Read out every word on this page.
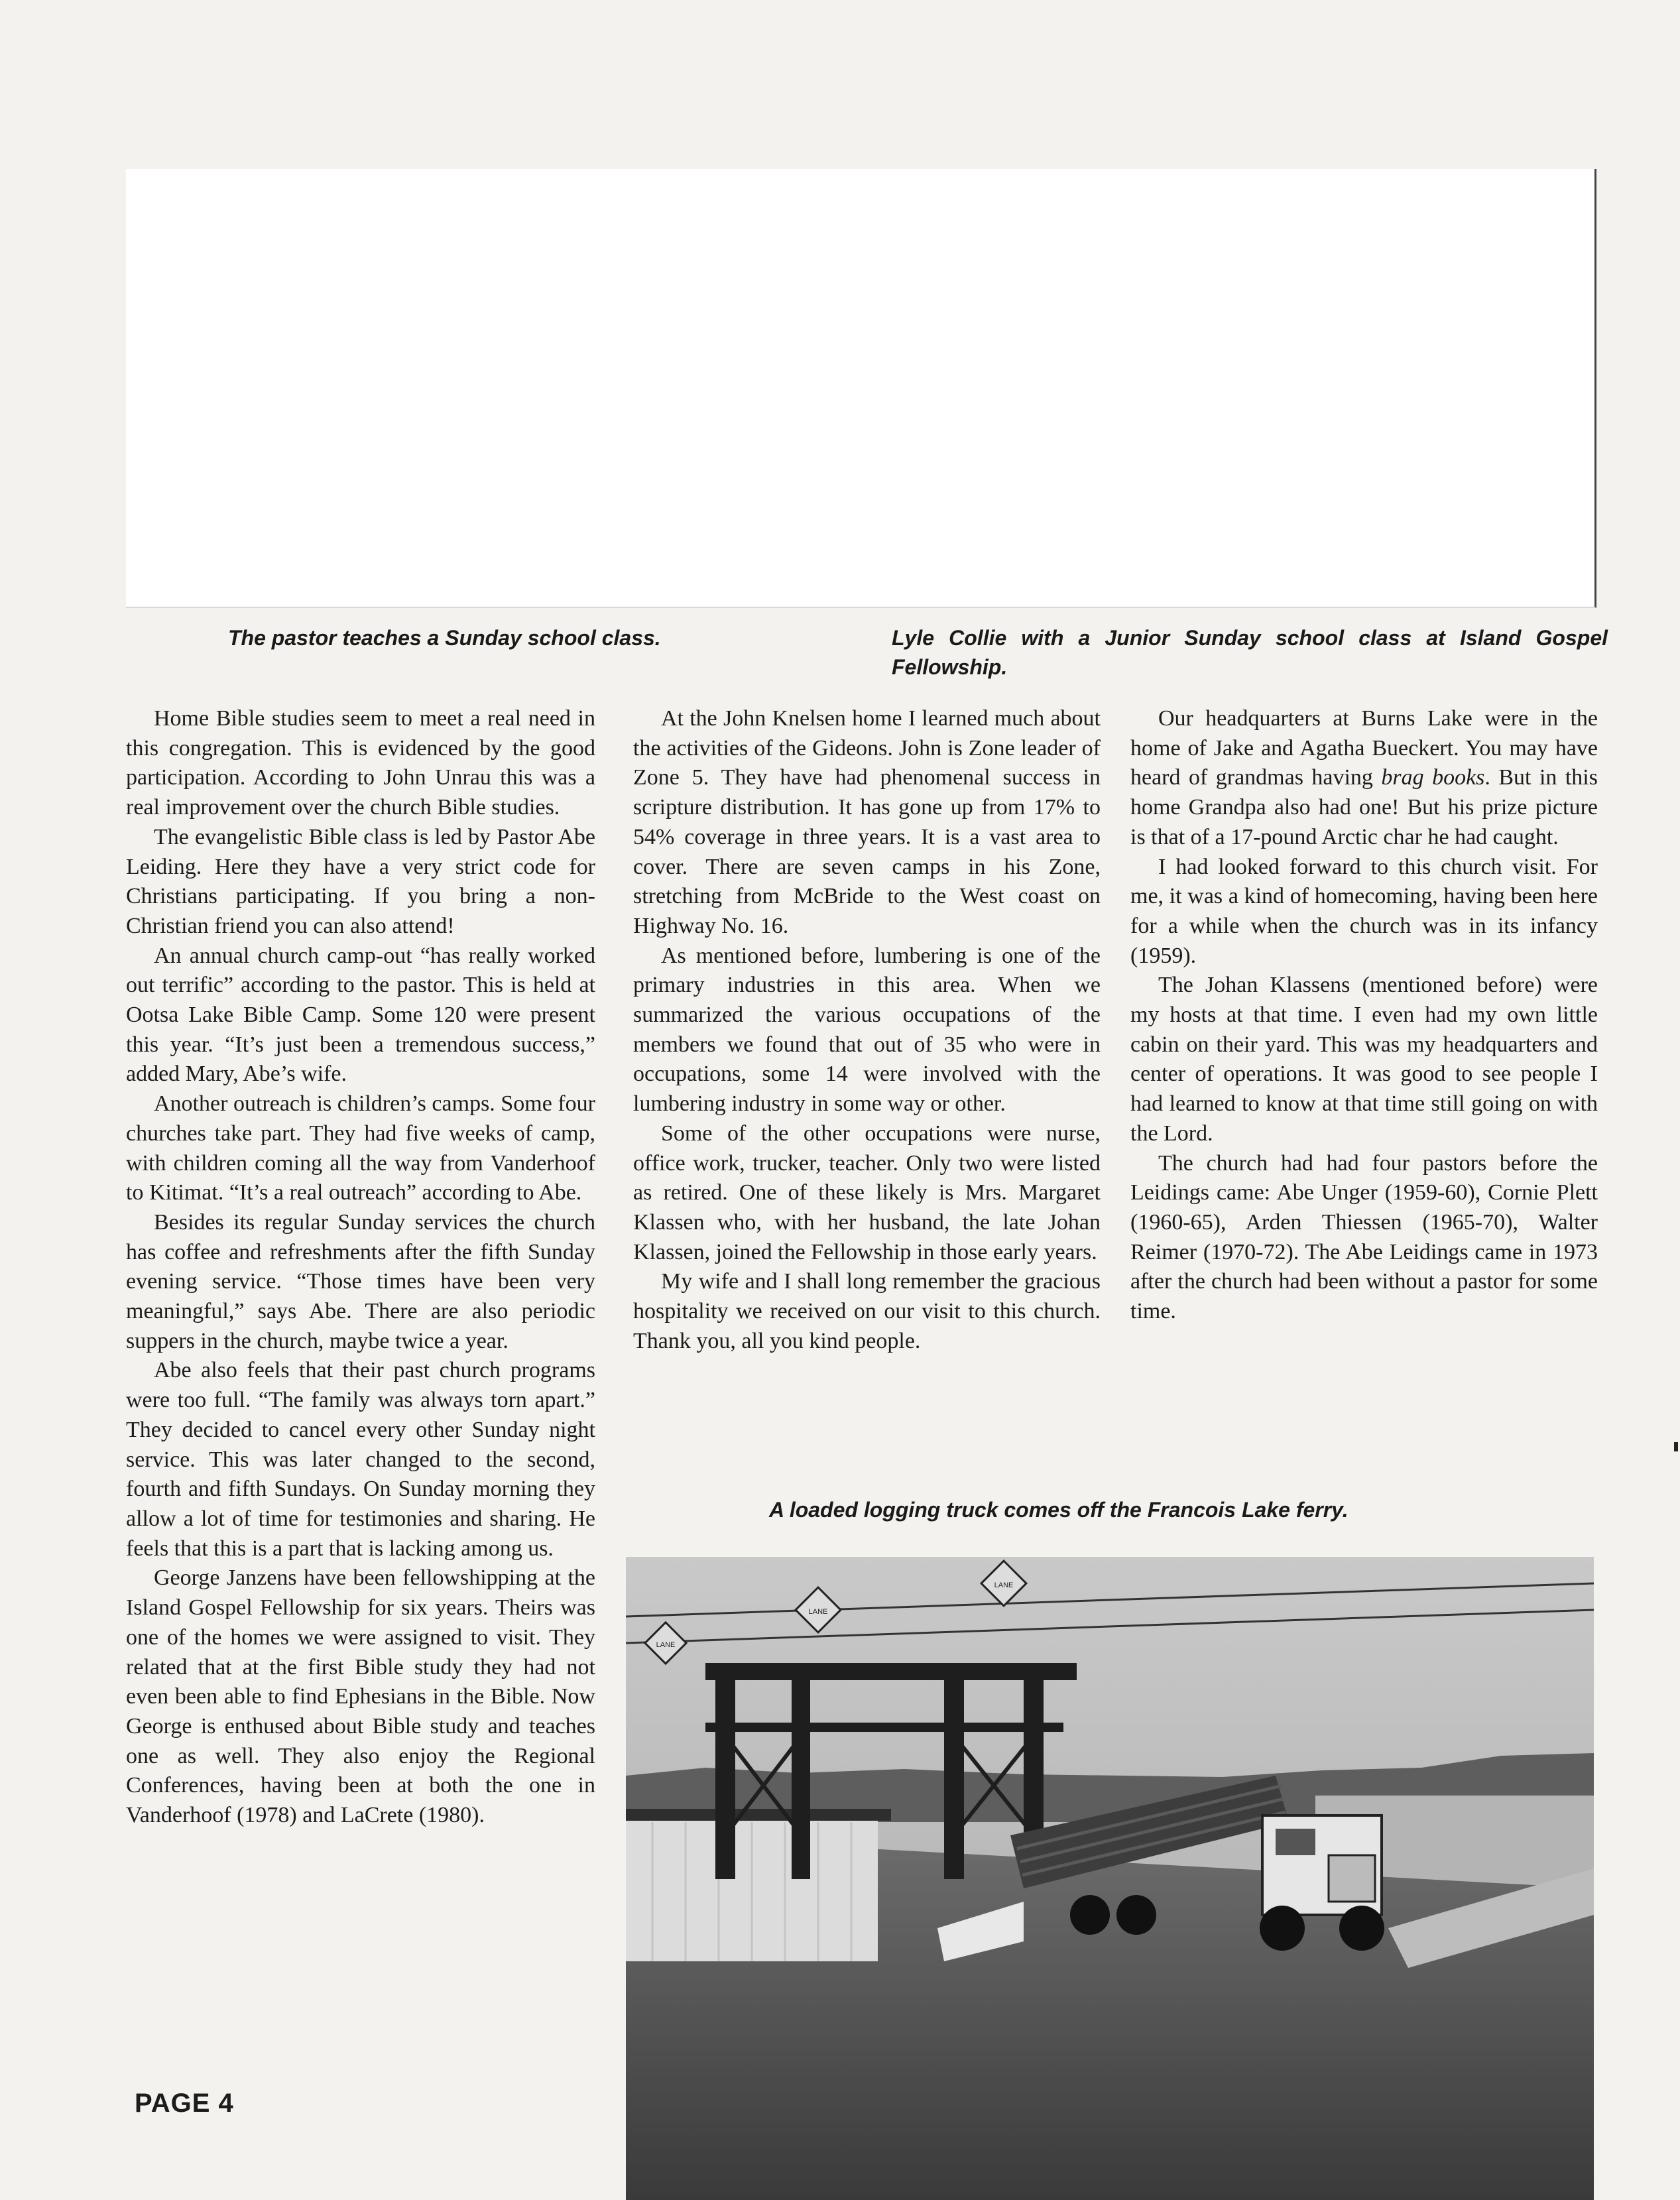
The pastor teaches a Sunday school class.	Lyle Collie with a Junior Sunday school class at Island Gospel Fellowship.

Home Bible studies seem to meet a real need in this congregation. This is evidenced by the good participation. According to John Unrau this was a real improvement over the church Bible studies.

The evangelistic Bible class is led by Pastor Abe Leiding. Here they have a very strict code for Christians participating. If you bring a non-Christian friend you can also attend!

An annual church camp-out “has really worked out terrific” according to the pastor. This is held at Ootsa Lake Bible Camp. Some 120 were present this year. “It’s just been a tremendous success,” added Mary, Abe’s wife.

Another outreach is children’s camps. Some four churches take part. They had five weeks of camp, with children coming all the way from Vanderhoof to Kitimat. “It’s a real outreach” according to Abe.

Besides its regular Sunday services the church has coffee and refreshments after the fifth Sunday evening service. “Those times have been very meaningful,” says Abe. There are also periodic suppers in the church, maybe twice a year.

Abe also feels that their past church programs were too full. “The family was always torn apart.” They decided to cancel every other Sunday night service. This was later changed to the second, fourth and fifth Sundays. On Sunday morning they allow a lot of time for testimonies and sharing. He feels that this is a part that is lacking among us.

George Janzens have been fellowshipping at the Island Gospel Fellowship for six years. Theirs was one of the homes we were assigned to visit. They related that at the first Bible study they had not even been able to find Ephesians in the Bible. Now George is enthused about Bible study and teaches one as well. They also enjoy the Regional Conferences, having been at both the one in Vanderhoof (1978) and LaCrete (1980).

At the John Knelsen home I learned much about the activities of the Gideons. John is Zone leader of Zone 5. They have had phenomenal success in scripture distribution. It has gone up from 17% to 54% coverage in three years. It is a vast area to cover. There are seven camps in his Zone, stretching from McBride to the West coast on Highway No. 16.

As mentioned before, lumbering is one of the primary industries in this area. When we summarized the various occupations of the members we found that out of 35 who were in occupations, some 14 were involved with the lumbering industry in some way or other.

Some of the other occupations were nurse, office work, trucker, teacher. Only two were listed as retired. One of these likely is Mrs. Margaret Klassen who, with her husband, the late Johan Klassen, joined the Fellowship in those early years.

My wife and I shall long remember the gracious hospitality we received on our visit to this church. Thank you, all you kind people.

Our headquarters at Burns Lake were in the home of Jake and Agatha Bueckert. You may have heard of grandmas having brag books. But in this home Grandpa also had one! But his prize picture is that of a 17-pound Arctic char he had caught.

I had looked forward to this church visit. For me, it was a kind of homecoming, having been here for a while when the church was in its infancy (1959).

The Johan Klassens (mentioned before) were my hosts at that time. I even had my own little cabin on their yard. This was my headquarters and center of operations. It was good to see people I had learned to know at that time still going on with the Lord.

The church had had four pastors before the Leidings came: Abe Unger (1959-60), Cornie Plett (1960-65), Arden Thiessen (1965-70), Walter Reimer (1970-72). The Abe Leidings came in 1973 after the church had been without a pastor for some time.

A loaded logging truck comes off the Francois Lake ferry.
LANE
LANE
LANE
PAGE 4
